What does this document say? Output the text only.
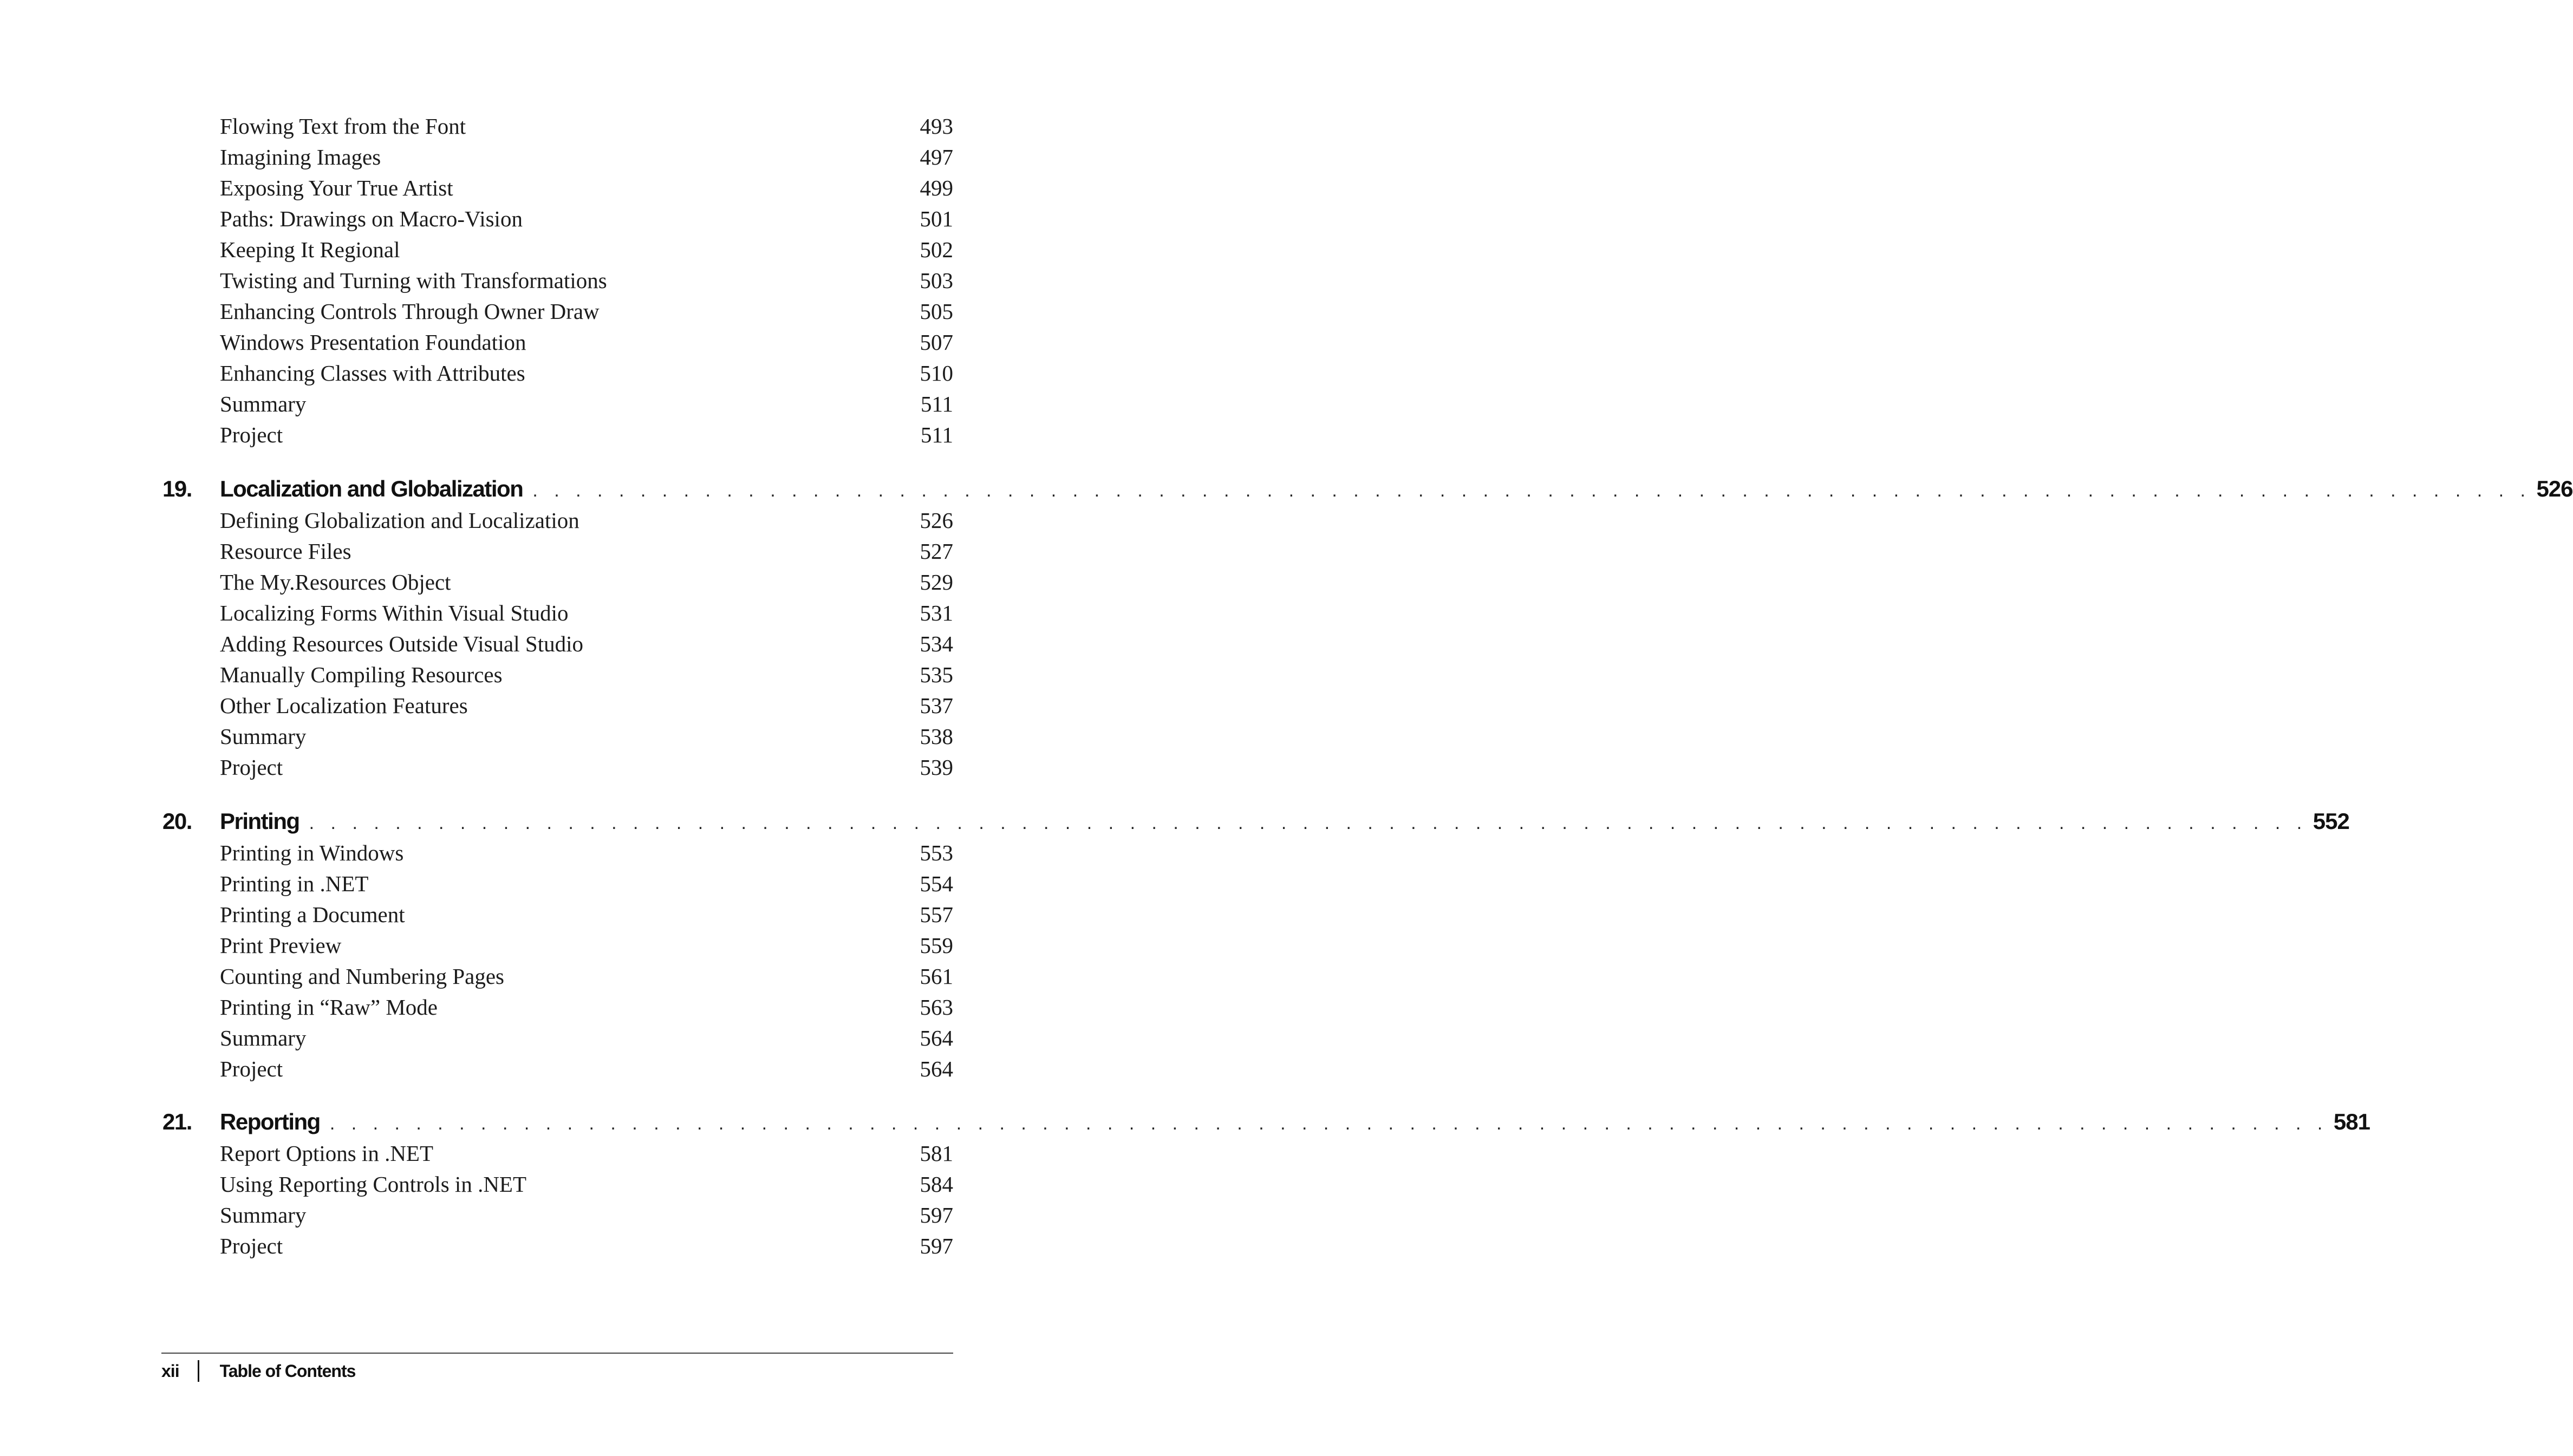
Flowing Text from the Font	493
Imagining Images	497
Exposing Your True Artist	499
Paths: Drawings on Macro-Vision	501
Keeping It Regional	502
Twisting and Turning with Transformations	503
Enhancing Controls Through Owner Draw	505
Windows Presentation Foundation	507
Enhancing Classes with Attributes	510
Summary	511
Project	511
19.	Localization and Globalization . . . . . . . . . . . . . . . . . . . . . . . . . . . . . . . . . . . . . . . . . . . . . . . . . . . . . . . . . . . . . . . . . . . . . . . . . . . . . . . . . . . . . . . . . . . . . 526
Defining Globalization and Localization	526
Resource Files	527
The My.Resources Object	529
Localizing Forms Within Visual Studio	531
Adding Resources Outside Visual Studio	534
Manually Compiling Resources	535
Other Localization Features	537
Summary	538
Project	539
20.	Printing . . . . . . . . . . . . . . . . . . . . . . . . . . . . . . . . . . . . . . . . . . . . . . . . . . . . . . . . . . . . . . . . . . . . . . . . . . . . . . . . . . . . . . . . . . . . . 552
Printing in Windows	553
Printing in .NET	554
Printing a Document	557
Print Preview	559
Counting and Numbering Pages	561
Printing in “Raw” Mode	563
Summary	564
Project	564
21.	Reporting . . . . . . . . . . . . . . . . . . . . . . . . . . . . . . . . . . . . . . . . . . . . . . . . . . . . . . . . . . . . . . . . . . . . . . . . . . . . . . . . . . . . . . . . . . . . . 581
Report Options in .NET	581
Using Reporting Controls in .NET	584
Summary	597
Project	597
xii Table of Contents
